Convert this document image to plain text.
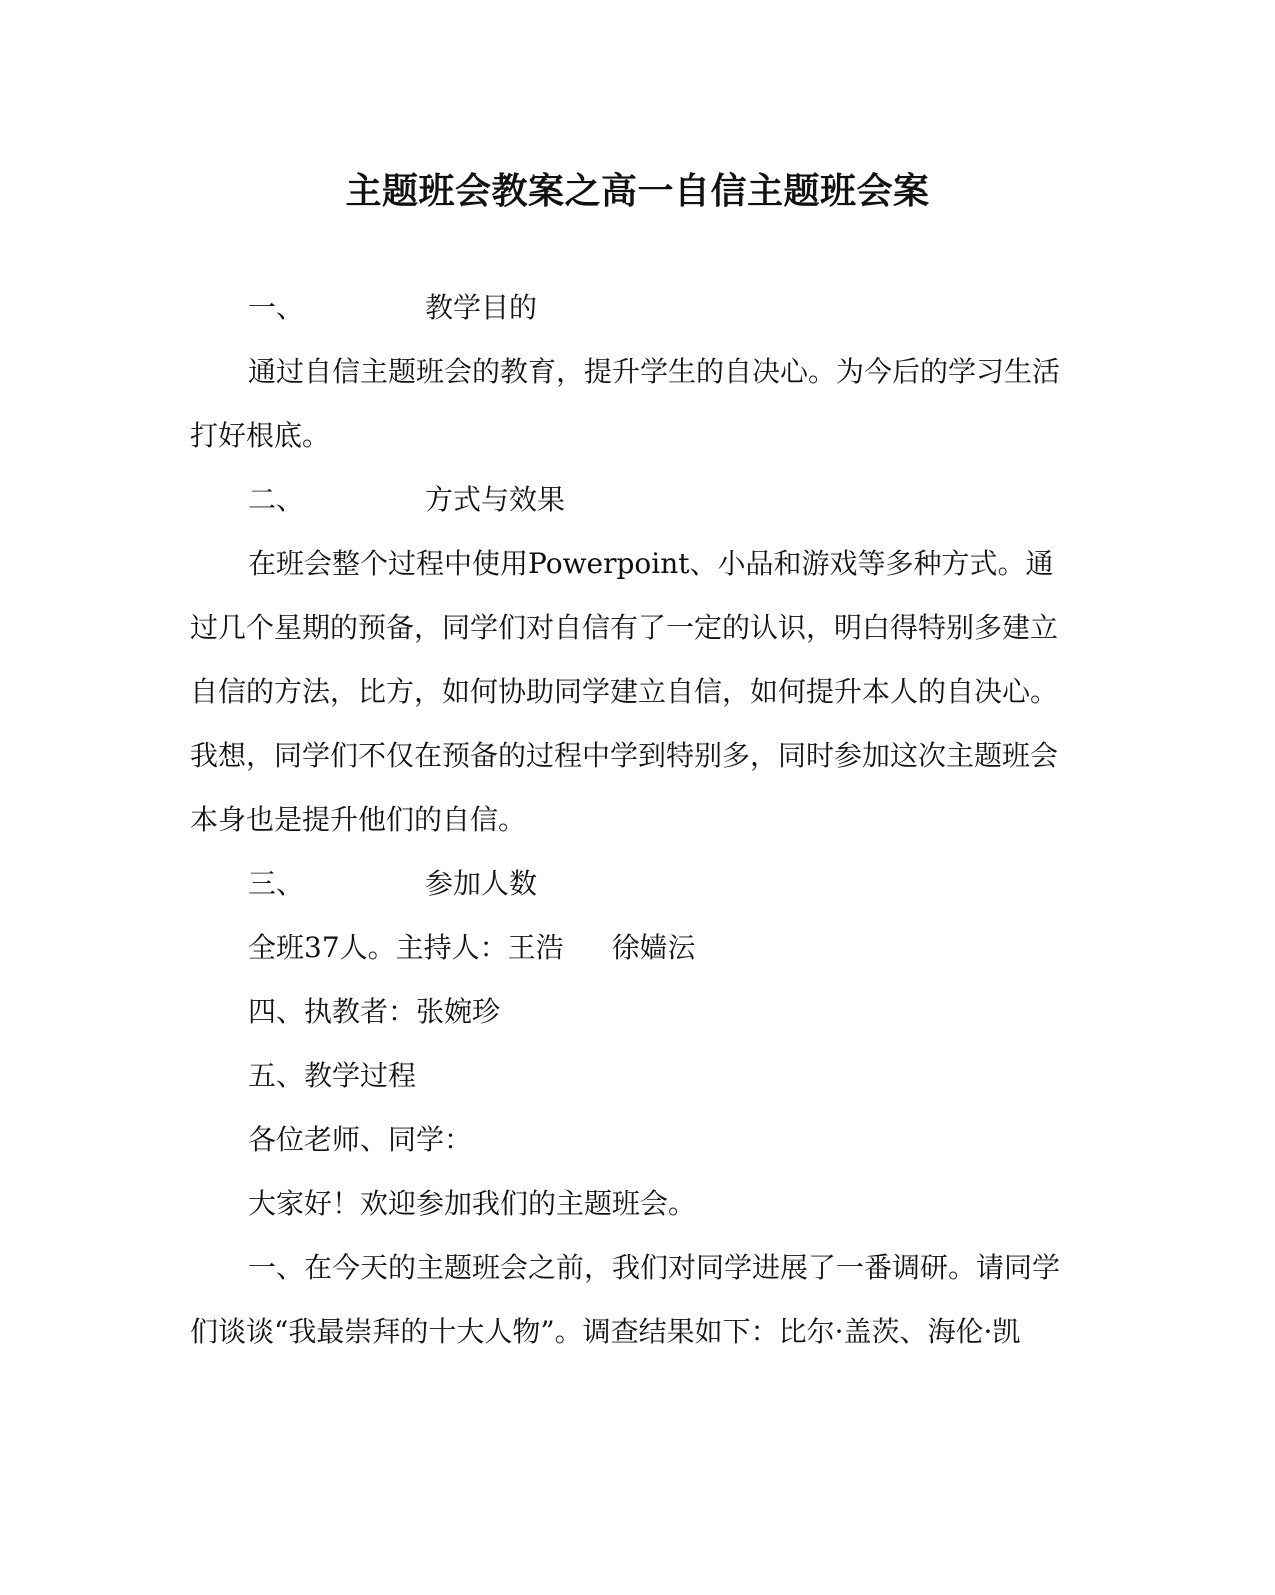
主题班会教案之高一自信主题班会案
一、	教学目的

通过自信主题班会的教育，提升学生的自决心。为今后的学习生活打好根底。

二、	方式与效果

在班会整个过程中使用Powerpoint、小品和游戏等多种方式。通过几个星期的预备，同学们对自信有了一定的认识，明白得特别多建立自信的方法，比方，如何协助同学建立自信，如何提升本人的自决心。我想，同学们不仅在预备的过程中学到特别多，同时参加这次主题班会本身也是提升他们的自信。

三、	参加人数

全班37人。主持人：王浩 徐嫱沄

四、执教者：张婉珍

五、教学过程

各位老师、同学：

大家好！欢迎参加我们的主题班会。

一、在今天的主题班会之前，我们对同学进展了一番调研。请同学们谈谈“我最崇拜的十大人物”。调查结果如下：比尔·盖茨、海伦·凯
